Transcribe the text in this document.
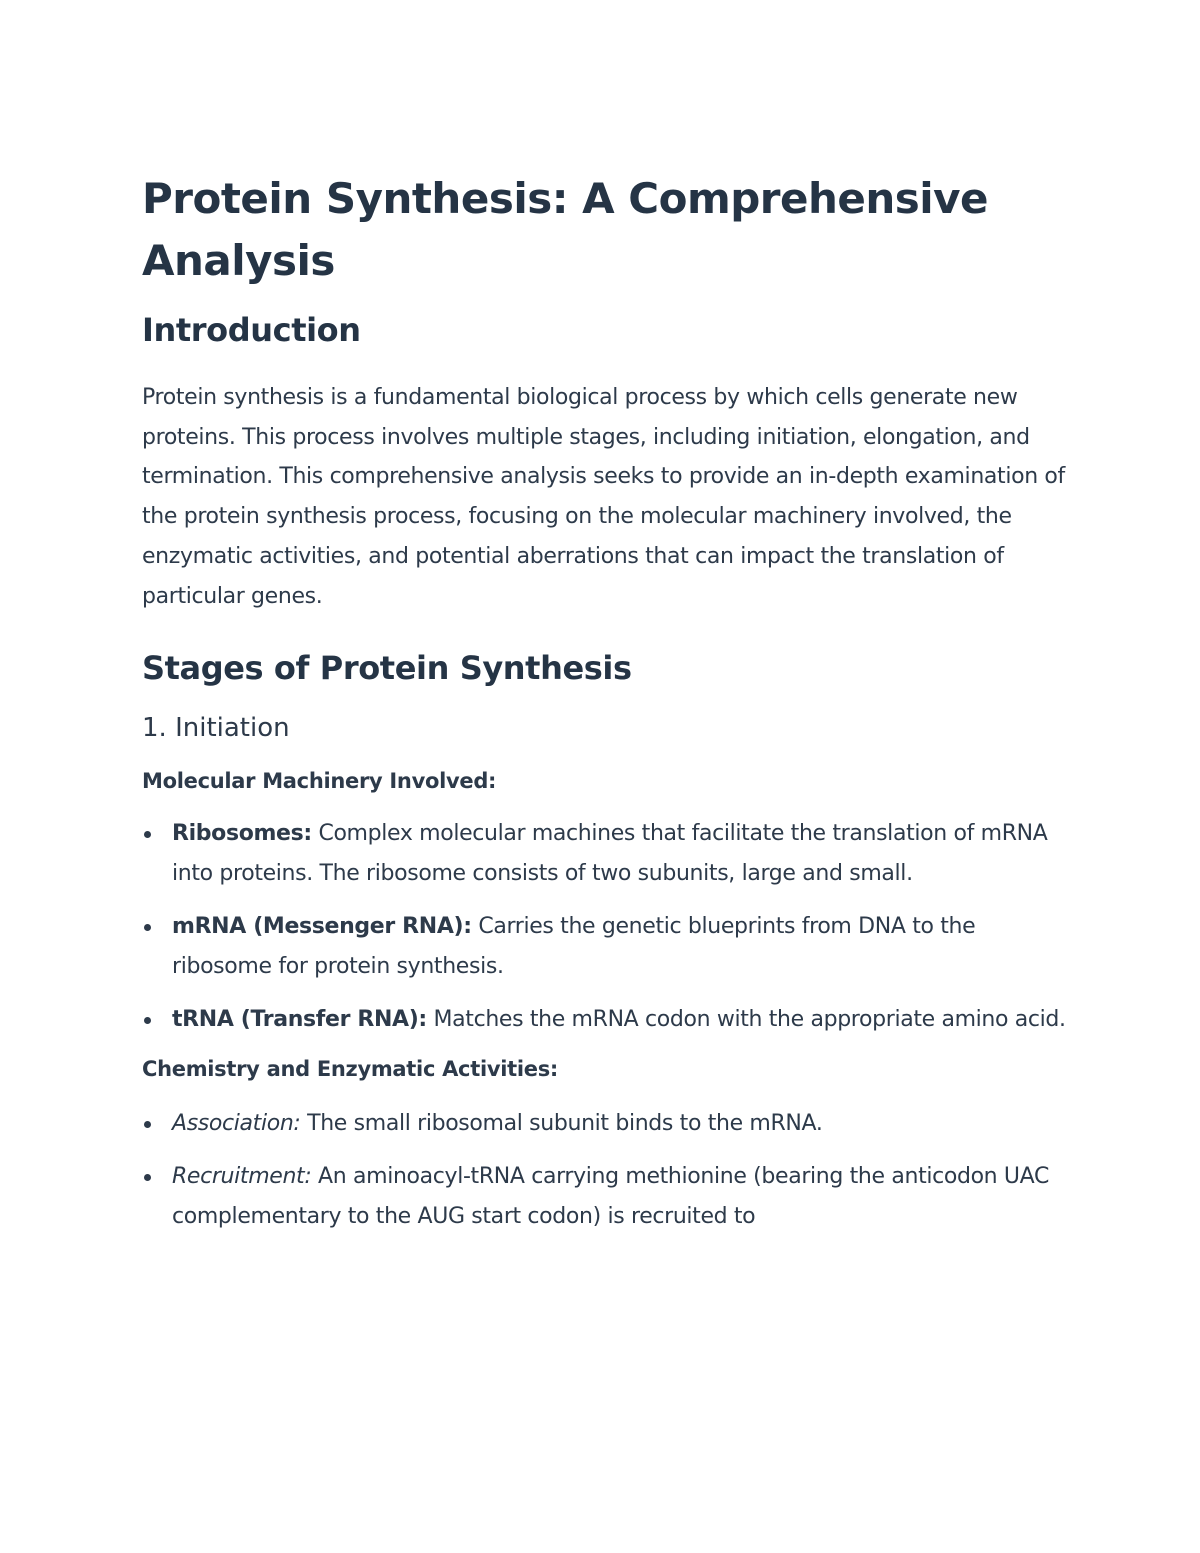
Protein Synthesis: A Comprehensive Analysis
Introduction

Protein synthesis is a fundamental biological process by which cells generate new proteins. This process involves multiple stages, including initiation, elongation, and termination. This comprehensive analysis seeks to provide an in-depth examination of the protein synthesis process, focusing on the molecular machinery involved, the enzymatic activities, and potential aberrations that can impact the translation of particular genes.

Stages of Protein Synthesis
1. Initiation
Molecular Machinery Involved:
Ribosomes: Complex molecular machines that facilitate the translation of mRNA into proteins. The ribosome consists of two subunits, large and small.
mRNA (Messenger RNA): Carries the genetic blueprints from DNA to the ribosome for protein synthesis.
tRNA (Transfer RNA): Matches the mRNA codon with the appropriate amino acid.
Chemistry and Enzymatic Activities:
Association: The small ribosomal subunit binds to the mRNA.
Recruitment: An aminoacyl-tRNA carrying methionine (bearing the anticodon UAC complementary to the AUG start codon) is recruited to
